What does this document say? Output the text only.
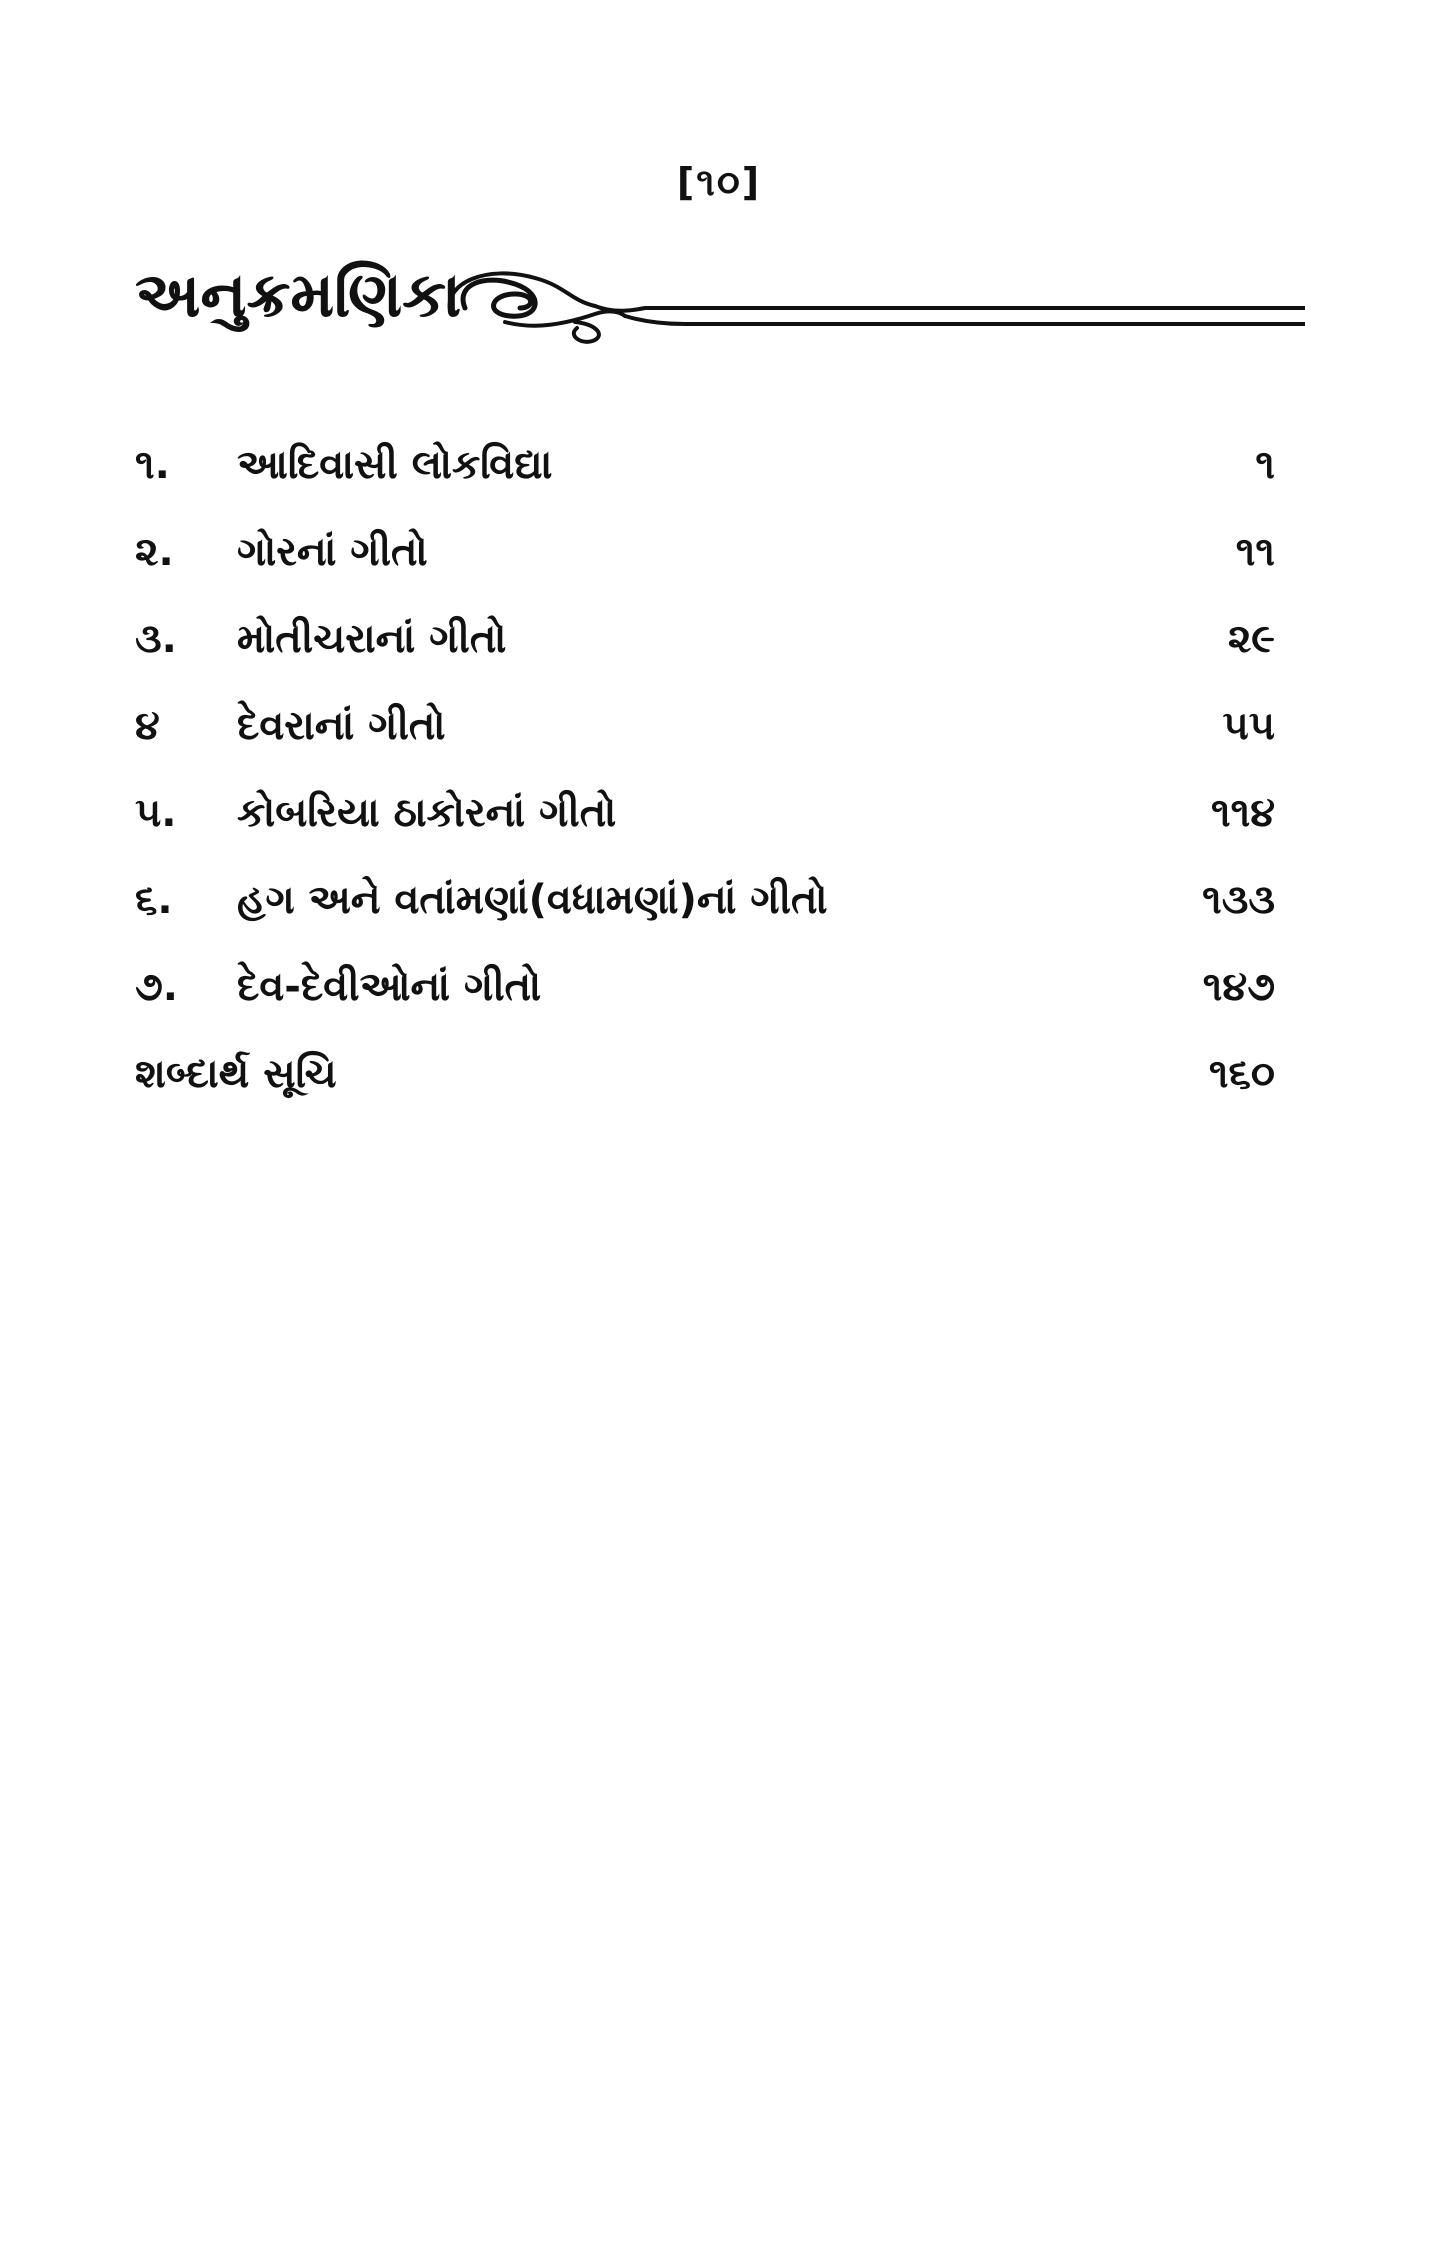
[૧૦]
અનુક્રમણિકા
૧. આદિવાસી લોકવિદ્યા	૧
૨. ગોરનાં ગીતો	૧૧
૩. મોતીચરાનાં ગીતો	૨૯
૪ દેવરાનાં ગીતો	૫૫
૫. કોબરિયા ઠાકોરનાં ગીતો	૧૧૪
૬. હગ અને વતાંમણાં(વધામણાં)નાં ગીતો	૧૩૩
૭. દેવ-દેવીઓનાં ગીતો	૧૪૭
શબ્દાર્થ સૂચિ	૧૬૦
